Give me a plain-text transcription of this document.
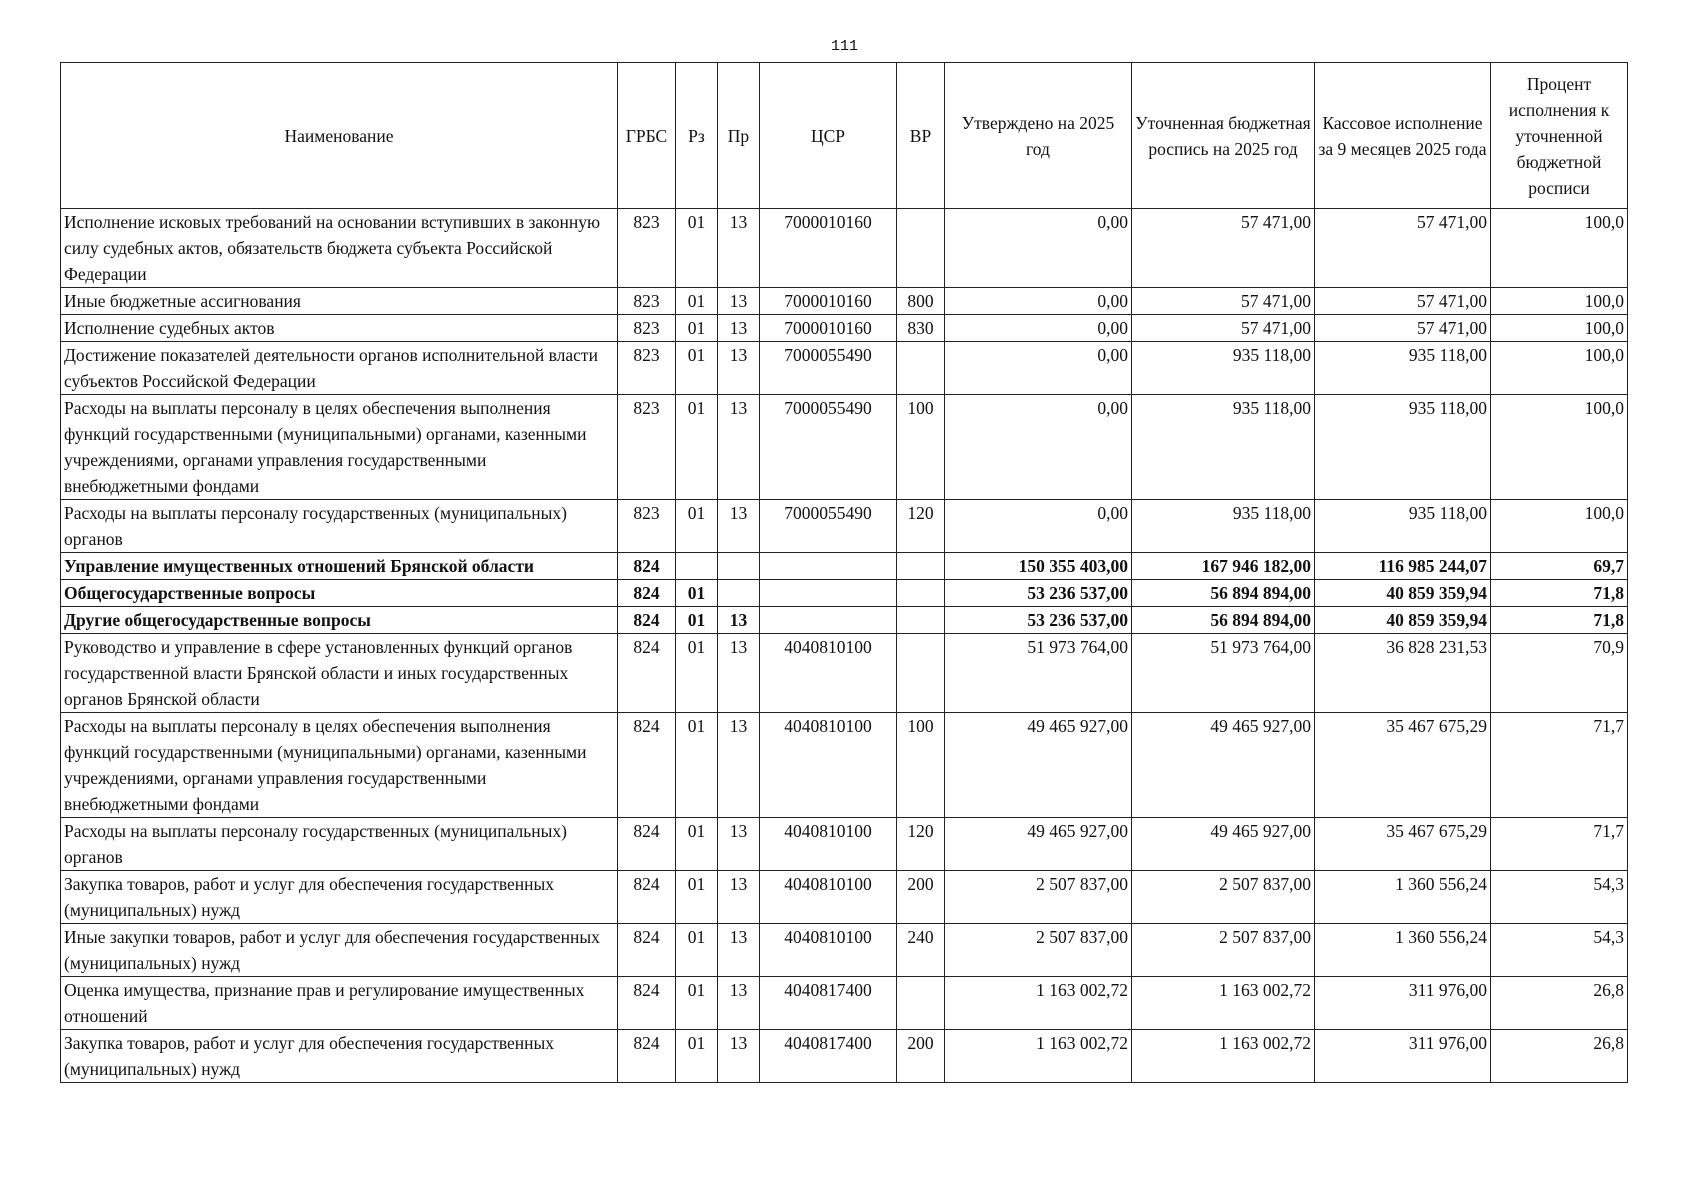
111
Наименование	ГРБС	Рз	Пр	ЦСР	ВР	Утверждено на 2025 год	Уточненная бюджетная роспись на 2025 год	Кассовое исполнение за 9 месяцев 2025 года	Процент исполнения к уточненной бюджетной росписи
Исполнение исковых требований на основании вступивших в законную силу судебных актов, обязательств бюджета субъекта Российской Федерации	823	01	13	7000010160		0,00	57 471,00	57 471,00	100,0
Иные бюджетные ассигнования	823	01	13	7000010160	800	0,00	57 471,00	57 471,00	100,0
Исполнение судебных актов	823	01	13	7000010160	830	0,00	57 471,00	57 471,00	100,0
Достижение показателей деятельности органов исполнительной власти субъектов Российской Федерации	823	01	13	7000055490		0,00	935 118,00	935 118,00	100,0
Расходы на выплаты персоналу в целях обеспечения выполнения функций государственными (муниципальными) органами, казенными учреждениями, органами управления государственными внебюджетными фондами	823	01	13	7000055490	100	0,00	935 118,00	935 118,00	100,0
Расходы на выплаты персоналу государственных (муниципальных) органов	823	01	13	7000055490	120	0,00	935 118,00	935 118,00	100,0
Управление имущественных отношений Брянской области	824					150 355 403,00	167 946 182,00	116 985 244,07	69,7
Общегосударственные вопросы	824	01				53 236 537,00	56 894 894,00	40 859 359,94	71,8
Другие общегосударственные вопросы	824	01	13			53 236 537,00	56 894 894,00	40 859 359,94	71,8
Руководство и управление в сфере установленных функций органов государственной власти Брянской области и иных государственных органов Брянской области	824	01	13	4040810100		51 973 764,00	51 973 764,00	36 828 231,53	70,9
Расходы на выплаты персоналу в целях обеспечения выполнения функций государственными (муниципальными) органами, казенными учреждениями, органами управления государственными внебюджетными фондами	824	01	13	4040810100	100	49 465 927,00	49 465 927,00	35 467 675,29	71,7
Расходы на выплаты персоналу государственных (муниципальных) органов	824	01	13	4040810100	120	49 465 927,00	49 465 927,00	35 467 675,29	71,7
Закупка товаров, работ и услуг для обеспечения государственных (муниципальных) нужд	824	01	13	4040810100	200	2 507 837,00	2 507 837,00	1 360 556,24	54,3
Иные закупки товаров, работ и услуг для обеспечения государственных (муниципальных) нужд	824	01	13	4040810100	240	2 507 837,00	2 507 837,00	1 360 556,24	54,3
Оценка имущества, признание прав и регулирование имущественных отношений	824	01	13	4040817400		1 163 002,72	1 163 002,72	311 976,00	26,8
Закупка товаров, работ и услуг для обеспечения государственных (муниципальных) нужд	824	01	13	4040817400	200	1 163 002,72	1 163 002,72	311 976,00	26,8
